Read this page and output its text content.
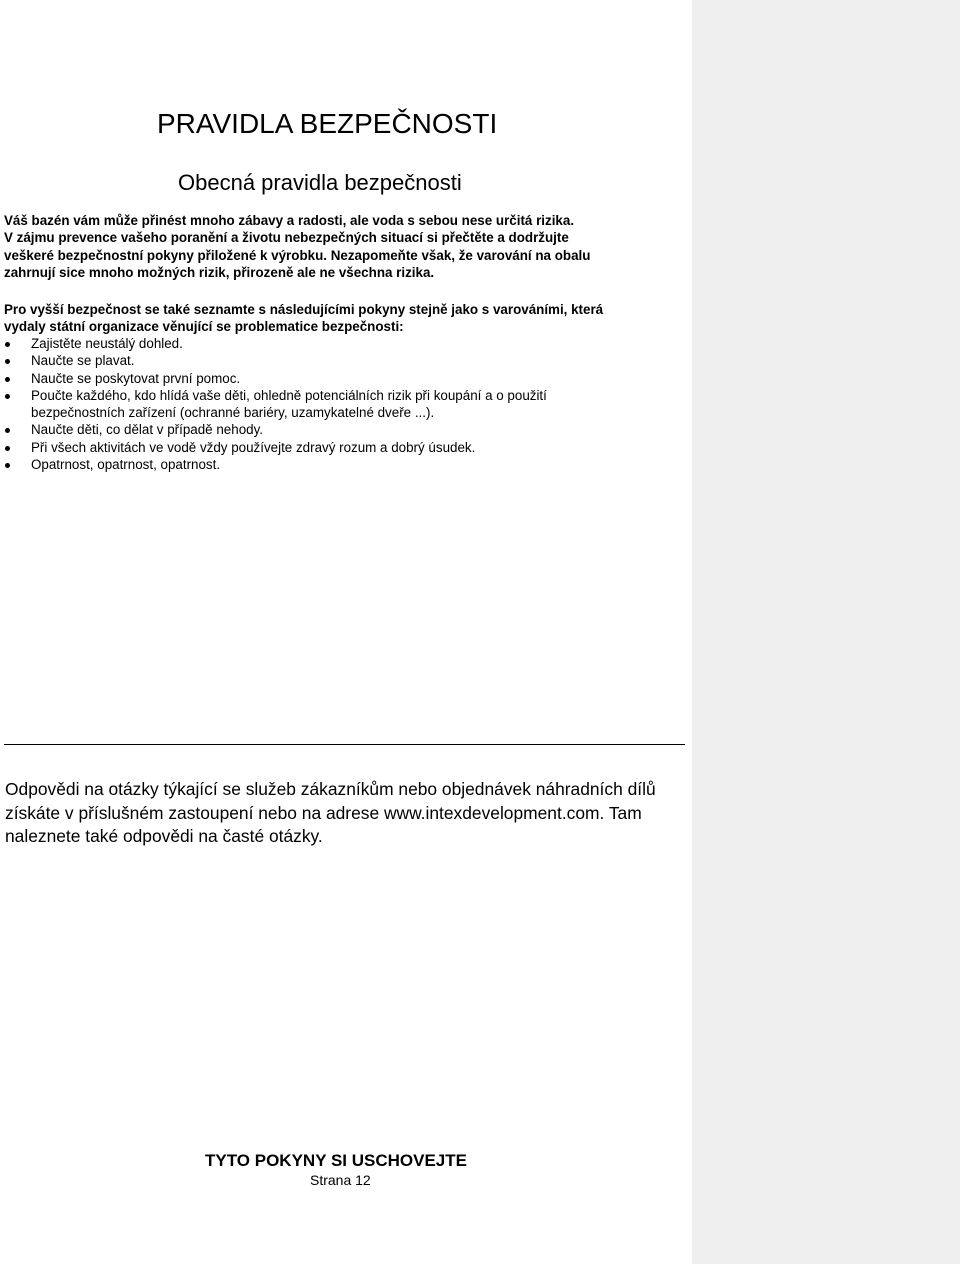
PRAVIDLA BEZPEČNOSTI
Obecná pravidla bezpečnosti

Váš bazén vám může přinést mnoho zábavy a radosti, ale voda s sebou nese určitá rizika.
V zájmu prevence vašeho poranění a životu nebezpečných situací si přečtěte a dodržujte
veškeré bezpečnostní pokyny přiložené k výrobku. Nezapomeňte však, že varování na obalu
zahrnují sice mnoho možných rizik, přirozeně ale ne všechna rizika.

Pro vyšší bezpečnost se také seznamte s následujícími pokyny stejně jako s varováními, která
vydaly státní organizace věnující se problematice bezpečnosti:

Zajistěte neustálý dohled.
Naučte se plavat.
Naučte se poskytovat první pomoc.
Poučte každého, kdo hlídá vaše děti, ohledně potenciálních rizik při koupání a o použití
bezpečnostních zařízení (ochranné bariéry, uzamykatelné dveře ...).
Naučte děti, co dělat v případě nehody.
Při všech aktivitách ve vodě vždy používejte zdravý rozum a dobrý úsudek.
Opatrnost, opatrnost, opatrnost.

Odpovědi na otázky týkající se služeb zákazníkům nebo objednávek náhradních dílů
získáte v příslušném zastoupení nebo na adrese www.intexdevelopment.com. Tam
naleznete také odpovědi na časté otázky.

TYTO POKYNY SI USCHOVEJTE

Strana 12
